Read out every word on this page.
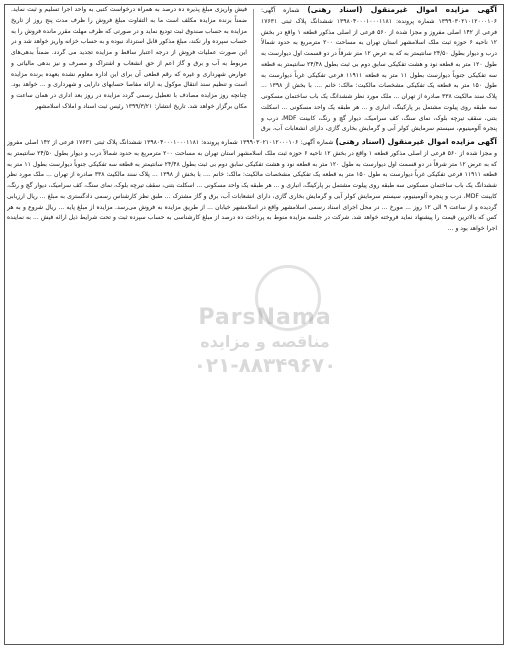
فیش واریزی مبلغ پذیره ده درصد به همراه درخواست کتبی به واحد اجرا تسلیم و ثبت نماید. ضمناً برنده مزایده مکلف است ما به التفاوت مبلغ فروش را ظرف مدت پنج روز از تاریخ مزایده به حساب صندوق ثبت تودیع نماید و در صورتی که ظرف مهلت مقرر مانده فروش را به حساب سپرده وار نکند، مبلغ مذکور قابل استرداد نبوده و به حساب خزانه واریز خواهد شد و در این صورت عملیات فروش از درجه اعتبار ساقط و مزایده تجدید می گردد. ضمناً بدهی‌های مربوط به آب و برق و گاز اعم از حق انشعاب و اشتراک و مصرف و نیز بدهی مالیاتی و عوارض شهرداری و غیره که رقم قطعی آن برای این اداره معلوم نشده بعهده برنده مزایده است و تنظیم سند انتقال موکول به ارائه مفاصا حسابهای دارایی و شهرداری و ... خواهد بود. چنانچه روز مزایده مصادف با تعطیل رسمی گردد مزایده در روز بعد اداری در همان ساعت و مکان برگزار خواهد شد. تاریخ انتشار: ۱۳۹۹/۳/۲۱ رئیس ثبت اسناد و املاک اسلامشهر
آگهی مزایده اموال غیرمنقول (اسناد رهنی) شماره آگهی: ۱۳۹۹۰۳۰۲۱۰۱۲۰۰۰۱۰۶ شماره پرونده: ۱۳۹۸۰۴۰۰۰۱۰۰۰۱۱۸۱ ششدانگ پلاک ثبتی ۱۷۶۳۱ فرعی از ۱۴۲ اصلی مفروز و مجزا شده از ۵۶۰ فرعی از اصلی مذکور قطعه ۱ واقع در بخش ۱۲ ناحیه ۶ حوزه ثبت ملک اسلامشهر استان تهران به مساحت ۲۰۰ مترمربع به حدود شمالاً درب و دیوار بطول ۲۴/۵۰ سانتیمتر به که به عرض ۱۲ متر شرقاً در دو قسمت اول دیوارست به طول ۱۲۰ متر به قطعه نود و هشت تفکیکی سابق دوم بی ثبت بطول ۲۴/۴۸ سانتیمتر به قطعه سه تفکیکی جنوباً دیوارست بطول ۱۱ متر به قطعه ۱۱۹۱۱ فرعی تفکیکی غرباً دیوارست به طول ۱۵۰ متر به قطعه یک تفکیکی مشخصات مالکیت: مالک: خانم .... با بخش از ۱۳۹۸ ... پلاک سند مالکیت ۳۳۸ صادره از تهران ... ملک مورد نظر ششدانگ یک باب ساختمان مسکونی سه طبقه روی پیلوت مشتمل بر پارکینگ، انباری و ... هر طبقه یک واحد مسکونی ... اسکلت بتنی، سقف تیرچه بلوک، نمای سنگ، کف سرامیک، دیوار گچ و رنگ، کابینت MDF، درب و پنجره آلومینیوم، سیستم سرمایش کولر آبی و گرمایش بخاری گازی، دارای انشعابات آب، برق و گاز مشترک ... طبق نظر کارشناس رسمی دادگستری به مبلغ ... ریال ارزیابی گردیده و از ساعت ۹ الی ۱۲ روز ... مورخ ... در محل اجرای اسناد رسمی اسلامشهر واقع در اسلامشهر خیابان ... از طریق مزایده به فروش می‌رسد. مزایده از مبلغ پایه ... ریال شروع و به هر کس که بالاترین قیمت را پیشنهاد نماید فروخته خواهد شد. شرکت در جلسه مزایده منوط به پرداخت ده درصد از مبلغ کارشناسی به حساب سپرده ثبت و تحت شرایط ذیل ارائه فیش ... به نماینده اجرا خواهد بود و ...
آگهی مزایده اموال غیرمنقول (اسناد رهنی) شماره آگهی: ۱۳۹۹۰۳۰۲۱۰۱۲۰۰۰۱۰۶ شماره پرونده: ۱۳۹۸۰۴۰۰۰۱۰۰۰۱۱۸۱ ششدانگ پلاک ثبتی ۱۷۶۳۱ فرعی از ۱۴۲ اصلی مفروز و مجزا شده از ۵۶۰ فرعی از اصلی مذکور قطعه ۱ واقع در بخش ۱۲ ناحیه ۶ حوزه ثبت ملک اسلامشهر استان تهران به مساحت ۲۰۰ مترمربع به حدود شمالاً درب و دیوار بطول ۲۴/۵۰ سانتیمتر به که به عرض ۱۲ متر شرقاً در دو قسمت اول دیوارست به طول ۱۲۰ متر به قطعه نود و هشت تفکیکی سابق دوم بی ثبت بطول ۲۴/۴۸ سانتیمتر به قطعه سه تفکیکی جنوباً دیوارست بطول ۱۱ متر به قطعه ۱۱۹۱۱ فرعی تفکیکی غرباً دیوارست به طول ۱۵۰ متر به قطعه یک تفکیکی مشخصات مالکیت: مالک: خانم .... با بخش از ۱۳۹۸ ... پلاک سند مالکیت ۳۳۸ صادره از تهران ... ملک مورد نظر ششدانگ یک باب ساختمان مسکونی سه طبقه روی پیلوت مشتمل بر پارکینگ، انباری و ... هر طبقه یک واحد مسکونی ... اسکلت بتنی، سقف تیرچه بلوک، نمای سنگ، کف سرامیک، دیوار گچ و رنگ، کابینت MDF، درب و پنجره آلومینیوم، سیستم سرمایش کولر آبی و گرمایش بخاری گازی، دارای انشعابات آب، برق
ParsNama
مناقصه و مزایده
۰۲۱-۸۸۳۴۹۶۷۰
